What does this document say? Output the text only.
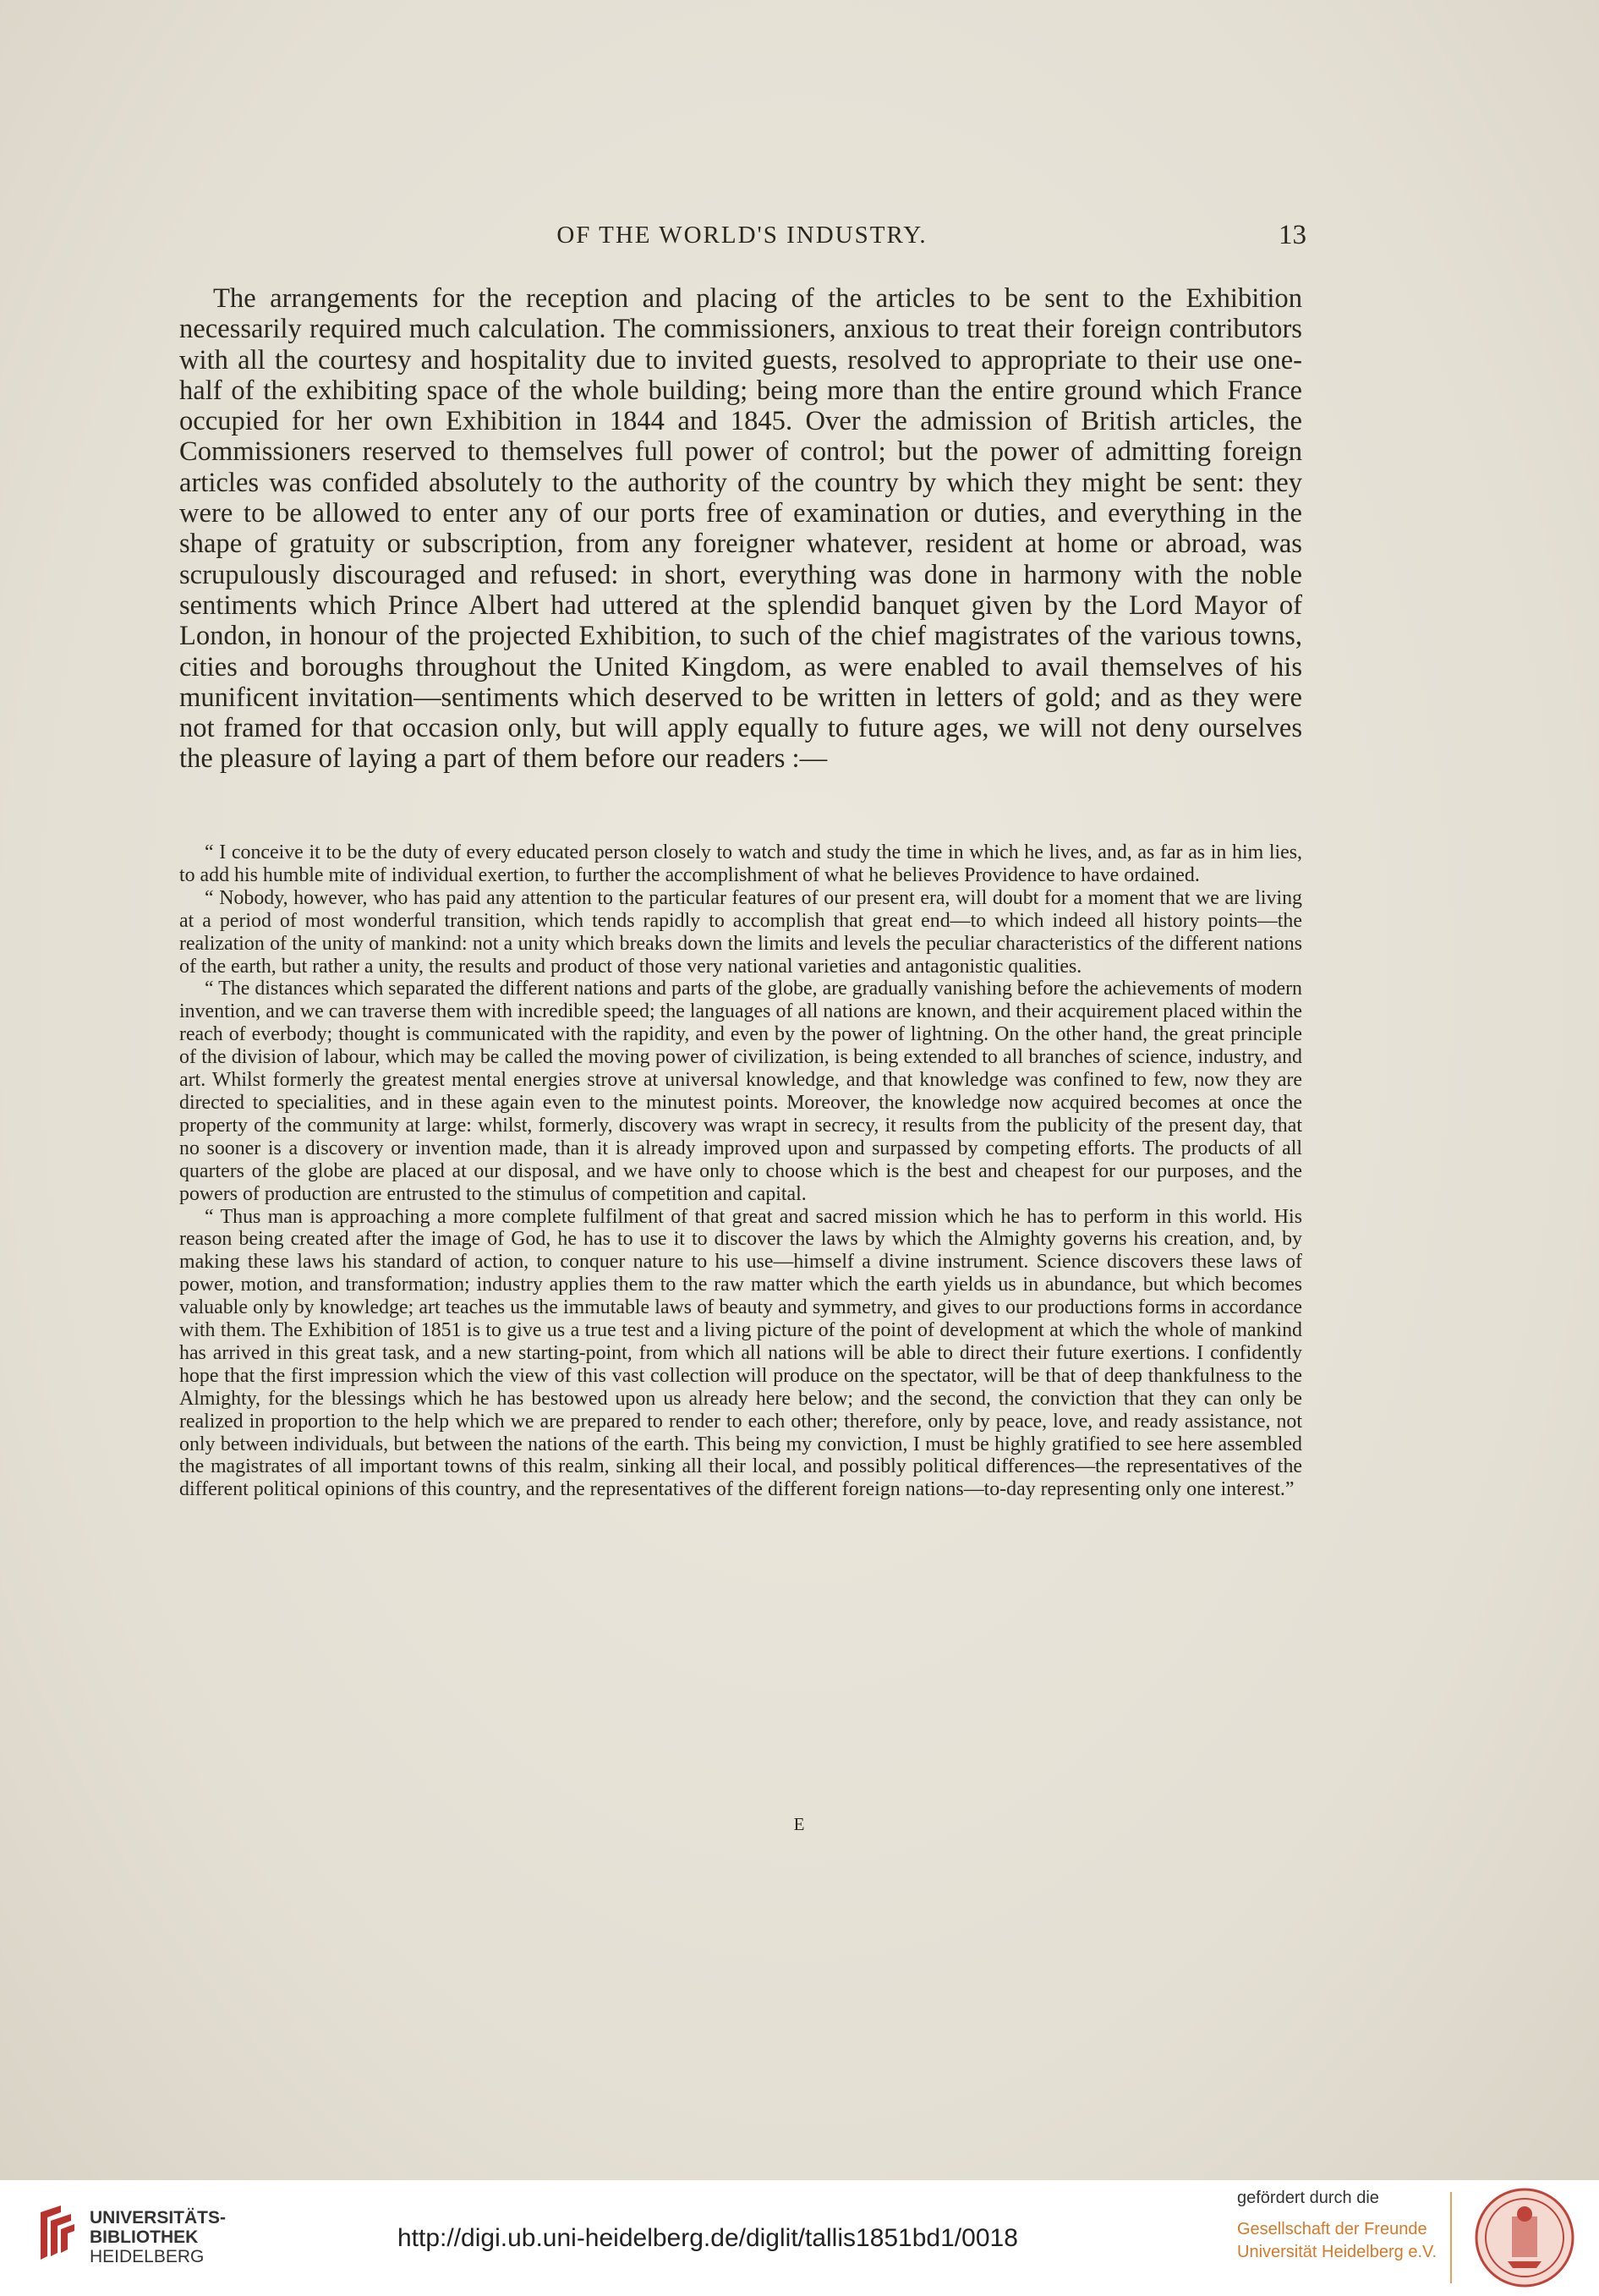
OF THE WORLD'S INDUSTRY.	13

The arrangements for the reception and placing of the articles to be sent to the Exhibition necessarily required much calculation. The commissioners, anxious to treat their foreign contributors with all the courtesy and hospitality due to invited guests, resolved to appropriate to their use one-half of the exhibiting space of the whole building; being more than the entire ground which France occupied for her own Exhibition in 1844 and 1845. Over the admission of British articles, the Commissioners reserved to themselves full power of control; but the power of admitting foreign articles was confided absolutely to the authority of the country by which they might be sent: they were to be allowed to enter any of our ports free of examination or duties, and everything in the shape of gratuity or subscription, from any foreigner whatever, resident at home or abroad, was scrupulously discouraged and refused: in short, everything was done in harmony with the noble sentiments which Prince Albert had uttered at the splendid banquet given by the Lord Mayor of London, in honour of the projected Exhibition, to such of the chief magistrates of the various towns, cities and boroughs throughout the United Kingdom, as were enabled to avail themselves of his munificent invitation—sentiments which deserved to be written in letters of gold; and as they were not framed for that occasion only, but will apply equally to future ages, we will not deny ourselves the pleasure of laying a part of them before our readers :—

“ I conceive it to be the duty of every educated person closely to watch and study the time in which he lives, and, as far as in him lies, to add his humble mite of individual exertion, to further the accomplishment of what he believes Providence to have ordained.

“ Nobody, however, who has paid any attention to the particular features of our present era, will doubt for a moment that we are living at a period of most wonderful transition, which tends rapidly to accomplish that great end—to which indeed all history points—the realization of the unity of mankind: not a unity which breaks down the limits and levels the peculiar characteristics of the different nations of the earth, but rather a unity, the results and product of those very national varieties and antagonistic qualities.

“ The distances which separated the different nations and parts of the globe, are gradually vanishing before the achievements of modern invention, and we can traverse them with incredible speed; the languages of all nations are known, and their acquirement placed within the reach of everbody; thought is communicated with the rapidity, and even by the power of lightning. On the other hand, the great principle of the division of labour, which may be called the moving power of civilization, is being extended to all branches of science, industry, and art. Whilst formerly the greatest mental energies strove at universal knowledge, and that knowledge was confined to few, now they are directed to specialities, and in these again even to the minutest points. Moreover, the knowledge now acquired becomes at once the property of the community at large: whilst, formerly, discovery was wrapt in secrecy, it results from the publicity of the present day, that no sooner is a discovery or invention made, than it is already improved upon and surpassed by competing efforts. The products of all quarters of the globe are placed at our disposal, and we have only to choose which is the best and cheapest for our purposes, and the powers of production are entrusted to the stimulus of competition and capital.

“ Thus man is approaching a more complete fulfilment of that great and sacred mission which he has to perform in this world. His reason being created after the image of God, he has to use it to discover the laws by which the Almighty governs his creation, and, by making these laws his standard of action, to conquer nature to his use—himself a divine instrument. Science discovers these laws of power, motion, and transformation; industry applies them to the raw matter which the earth yields us in abundance, but which becomes valuable only by knowledge; art teaches us the immutable laws of beauty and symmetry, and gives to our productions forms in accordance with them. The Exhibition of 1851 is to give us a true test and a living picture of the point of development at which the whole of mankind has arrived in this great task, and a new starting-point, from which all nations will be able to direct their future exertions. I confidently hope that the first impression which the view of this vast collection will produce on the spectator, will be that of deep thankfulness to the Almighty, for the blessings which he has bestowed upon us already here below; and the second, the conviction that they can only be realized in proportion to the help which we are prepared to render to each other; therefore, only by peace, love, and ready assistance, not only between individuals, but between the nations of the earth. This being my conviction, I must be highly gratified to see here assembled the magistrates of all important towns of this realm, sinking all their local, and possibly political differences—the representatives of the different political opinions of this country, and the representatives of the different foreign nations—to-day representing only one interest.”

E
UNIVERSITÄTS-
BIBLIOTHEK
HEIDELBERG
http://digi.ub.uni-heidelberg.de/diglit/tallis1851bd1/0018
gefördert durch die
Gesellschaft der Freunde
Universität Heidelberg e.V.
